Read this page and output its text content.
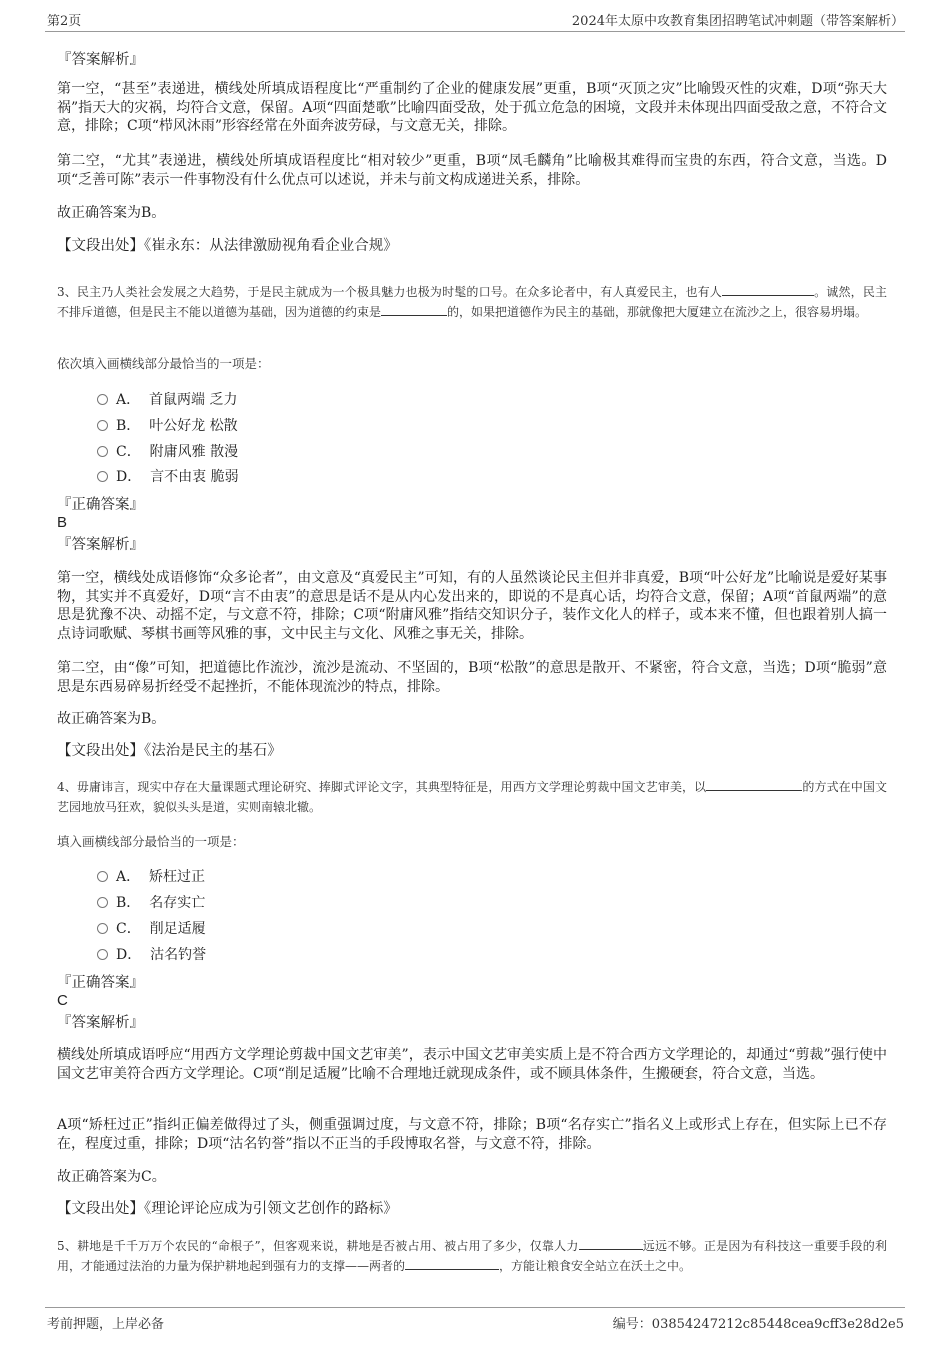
第2页	2024年太原中攻教育集团招聘笔试冲刺题（带答案解析）
『答案解析』
第一空，“甚至”表递进，横线处所填成语程度比“严重制约了企业的健康发展”更重，B项“灭顶之灾”比喻毁灭性的灾难，D项“弥天大祸”指天大的灾祸，均符合文意，保留。A项“四面楚歌”比喻四面受敌，处于孤立危急的困境，文段并未体现出四面受敌之意，不符合文意，排除；C项“栉风沐雨”形容经常在外面奔波劳碌，与文意无关，排除。
第二空，“尤其”表递进，横线处所填成语程度比“相对较少”更重，B项“凤毛麟角”比喻极其难得而宝贵的东西，符合文意，当选。D项“乏善可陈”表示一件事物没有什么优点可以述说，并未与前文构成递进关系，排除。
故正确答案为B。
【文段出处】《崔永东：从法律激励视角看企业合规》
3、民主乃人类社会发展之大趋势，于是民主就成为一个极具魅力也极为时髦的口号。在众多论者中，有人真爱民主，也有人	。诚然，民主不排斥道德，但是民主不能以道德为基础，因为道德的约束是	的，如果把道德作为民主的基础，那就像把大厦建立在流沙之上，很容易坍塌。
依次填入画横线部分最恰当的一项是：
A． 首鼠两端 乏力
B． 叶公好龙 松散
C． 附庸风雅 散漫
D． 言不由衷 脆弱
『正确答案』
B
『答案解析』
第一空，横线处成语修饰“众多论者”，由文意及“真爱民主”可知，有的人虽然谈论民主但并非真爱，B项“叶公好龙”比喻说是爱好某事物，其实并不真爱好，D项“言不由衷”的意思是话不是从内心发出来的，即说的不是真心话，均符合文意，保留；A项“首鼠两端”的意思是犹豫不决、动摇不定，与文意不符，排除；C项“附庸风雅”指结交知识分子，装作文化人的样子，或本来不懂，但也跟着别人搞一点诗词歌赋、琴棋书画等风雅的事，文中民主与文化、风雅之事无关，排除。
第二空，由“像”可知，把道德比作流沙，流沙是流动、不坚固的，B项“松散”的意思是散开、不紧密，符合文意，当选；D项“脆弱”意思是东西易碎易折经受不起挫折，不能体现流沙的特点，排除。
故正确答案为B。
【文段出处】《法治是民主的基石》
4、毋庸讳言，现实中存在大量课题式理论研究、捧脚式评论文字，其典型特征是，用西方文学理论剪裁中国文艺审美，以	的方式在中国文艺园地放马狂欢，貌似头头是道，实则南辕北辙。
填入画横线部分最恰当的一项是：
A． 矫枉过正
B． 名存实亡
C． 削足适履
D． 沽名钓誉
『正确答案』
C
『答案解析』
横线处所填成语呼应“用西方文学理论剪裁中国文艺审美”，表示中国文艺审美实质上是不符合西方文学理论的，却通过“剪裁”强行使中国文艺审美符合西方文学理论。C项“削足适履”比喻不合理地迁就现成条件，或不顾具体条件，生搬硬套，符合文意，当选。
A项“矫枉过正”指纠正偏差做得过了头，侧重强调过度，与文意不符，排除；B项“名存实亡”指名义上或形式上存在，但实际上已不存在，程度过重，排除；D项“沽名钓誉”指以不正当的手段博取名誉，与文意不符，排除。
故正确答案为C。
【文段出处】《理论评论应成为引领文艺创作的路标》
5、耕地是千千万万个农民的“命根子”，但客观来说，耕地是否被占用、被占用了多少，仅靠人力	远远不够。正是因为有科技这一重要手段的利用，才能通过法治的力量为保护耕地起到强有力的支撑——两者的	，方能让粮食安全站立在沃土之中。
考前押题，上岸必备	编号：03854247212c85448cea9cff3e28d2e5
